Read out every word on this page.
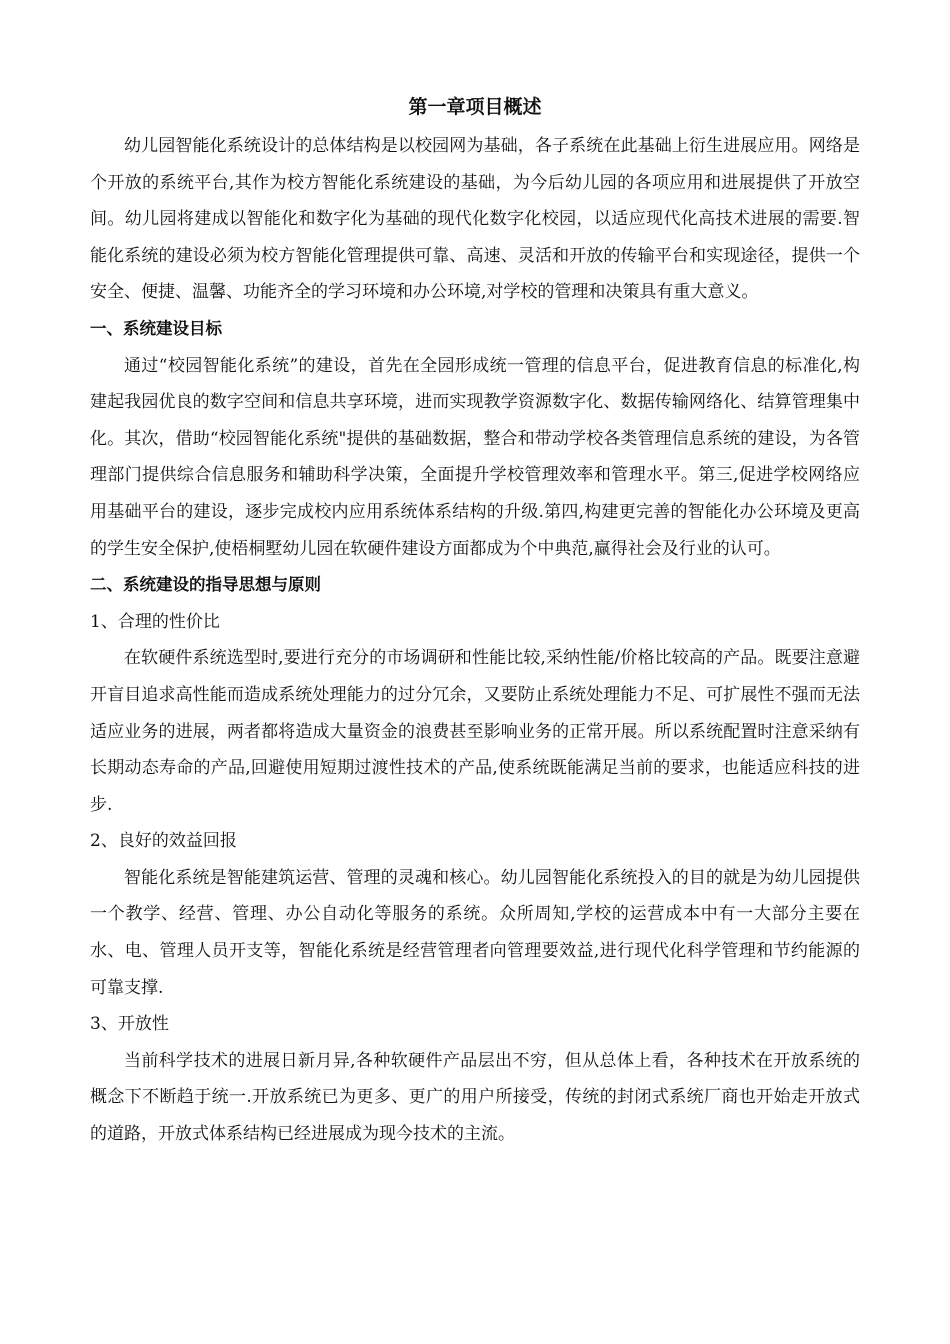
第一章项目概述

幼儿园智能化系统设计的总体结构是以校园网为基础，各子系统在此基础上衍生进展应用。网络是个开放的系统平台,其作为校方智能化系统建设的基础，为今后幼儿园的各项应用和进展提供了开放空间。幼儿园将建成以智能化和数字化为基础的现代化数字化校园，以适应现代化高技术进展的需要.智能化系统的建设必须为校方智能化管理提供可靠、高速、灵活和开放的传输平台和实现途径，提供一个安全、便捷、温馨、功能齐全的学习环境和办公环境,对学校的管理和决策具有重大意义。

一、系统建设目标

通过“校园智能化系统”的建设，首先在全园形成统一管理的信息平台，促进教育信息的标准化,构建起我园优良的数字空间和信息共享环境，进而实现教学资源数字化、数据传输网络化、结算管理集中化。其次，借助“校园智能化系统"提供的基础数据，整合和带动学校各类管理信息系统的建设，为各管理部门提供综合信息服务和辅助科学决策，全面提升学校管理效率和管理水平。第三,促进学校网络应用基础平台的建设，逐步完成校内应用系统体系结构的升级.第四,构建更完善的智能化办公环境及更高的学生安全保护,使梧桐墅幼儿园在软硬件建设方面都成为个中典范,赢得社会及行业的认可。

二、系统建设的指导思想与原则
1、合理的性价比

在软硬件系统选型时,要进行充分的市场调研和性能比较,采纳性能/价格比较高的产品。既要注意避开盲目追求高性能而造成系统处理能力的过分冗余，又要防止系统处理能力不足、可扩展性不强而无法适应业务的进展，两者都将造成大量资金的浪费甚至影响业务的正常开展。所以系统配置时注意采纳有长期动态寿命的产品,回避使用短期过渡性技术的产品,使系统既能满足当前的要求，也能适应科技的进步.

2、良好的效益回报

智能化系统是智能建筑运营、管理的灵魂和核心。幼儿园智能化系统投入的目的就是为幼儿园提供一个教学、经营、管理、办公自动化等服务的系统。众所周知,学校的运营成本中有一大部分主要在水、电、管理人员开支等，智能化系统是经营管理者向管理要效益,进行现代化科学管理和节约能源的可靠支撑.

3、开放性

当前科学技术的进展日新月异,各种软硬件产品层出不穷，但从总体上看，各种技术在开放系统的概念下不断趋于统一.开放系统已为更多、更广的用户所接受，传统的封闭式系统厂商也开始走开放式的道路，开放式体系结构已经进展成为现今技术的主流。
